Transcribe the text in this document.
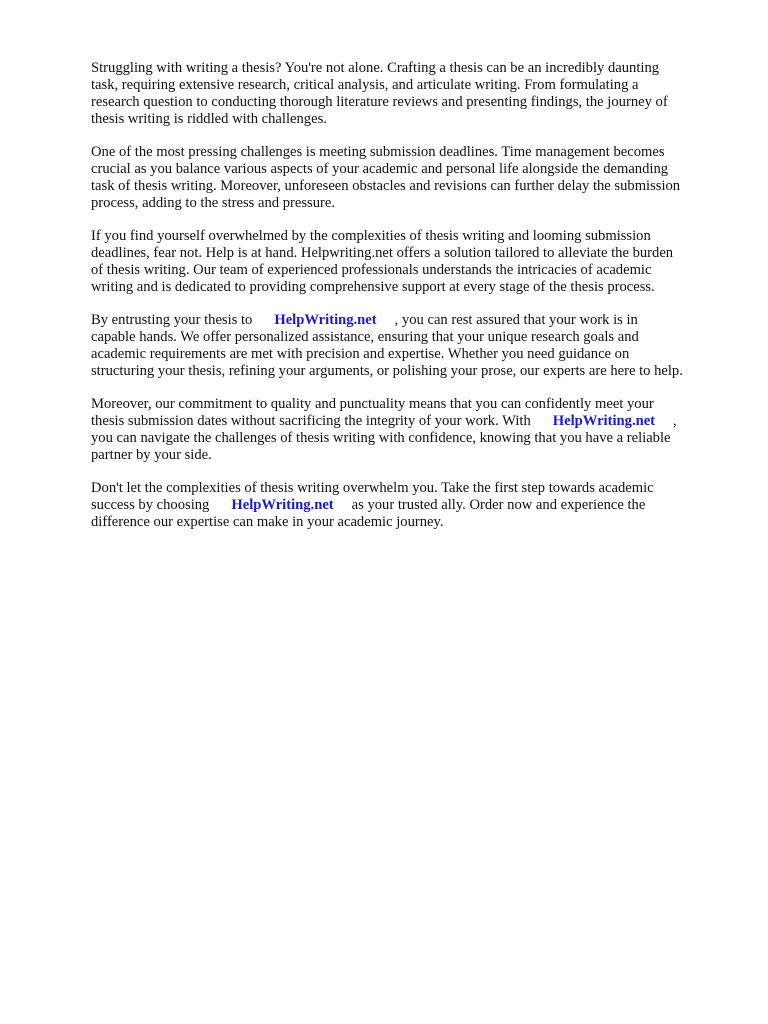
Struggling with writing a thesis? You're not alone. Crafting a thesis can be an incredibly daunting
task, requiring extensive research, critical analysis, and articulate writing. From formulating a
research question to conducting thorough literature reviews and presenting findings, the journey of
thesis writing is riddled with challenges.

One of the most pressing challenges is meeting submission deadlines. Time management becomes
crucial as you balance various aspects of your academic and personal life alongside the demanding
task of thesis writing. Moreover, unforeseen obstacles and revisions can further delay the submission
process, adding to the stress and pressure.

If you find yourself overwhelmed by the complexities of thesis writing and looming submission
deadlines, fear not. Help is at hand. Helpwriting.net offers a solution tailored to alleviate the burden
of thesis writing. Our team of experienced professionals understands the intricacies of academic
writing and is dedicated to providing comprehensive support at every stage of the thesis process.

By entrusting your thesis to HelpWriting.net , you can rest assured that your work is in
capable hands. We offer personalized assistance, ensuring that your unique research goals and
academic requirements are met with precision and expertise. Whether you need guidance on
structuring your thesis, refining your arguments, or polishing your prose, our experts are here to help.

Moreover, our commitment to quality and punctuality means that you can confidently meet your
thesis submission dates without sacrificing the integrity of your work. With HelpWriting.net ,
you can navigate the challenges of thesis writing with confidence, knowing that you have a reliable
partner by your side.

Don't let the complexities of thesis writing overwhelm you. Take the first step towards academic
success by choosing HelpWriting.net as your trusted ally. Order now and experience the
difference our expertise can make in your academic journey.
